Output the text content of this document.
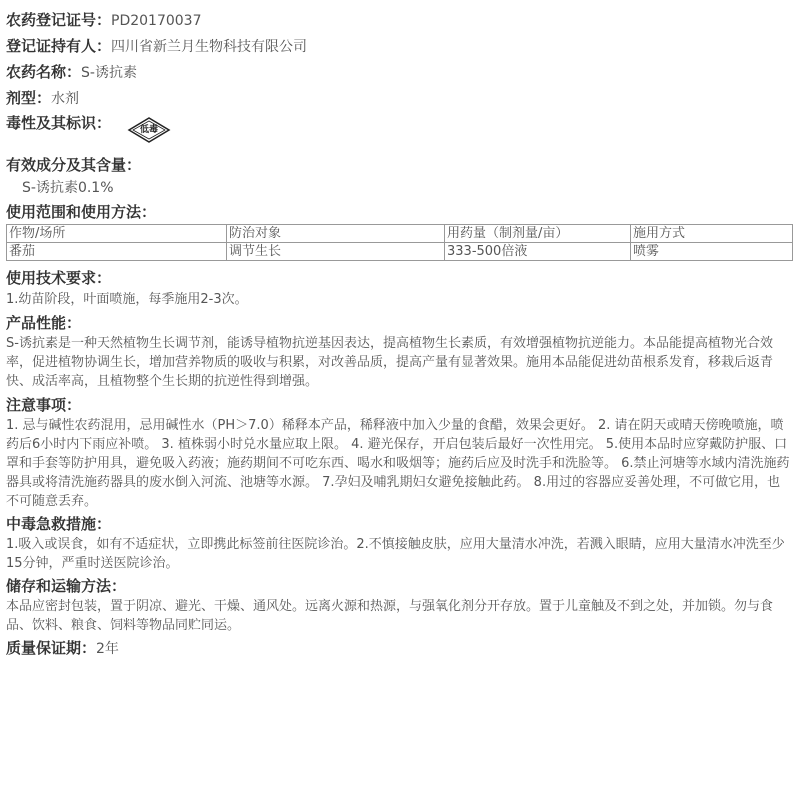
农药登记证号：PD20170037
登记证持有人：四川省新兰月生物科技有限公司
农药名称：S-诱抗素
剂型：水剂
毒性及其标识：	低毒
有效成分及其含量：
S-诱抗素0.1%
使用范围和使用方法：
作物/场所	防治对象	用药量（制剂量/亩）	施用方式
番茄	调节生长	333-500倍液	喷雾
使用技术要求：
1.幼苗阶段，叶面喷施，每季施用2-3次。
产品性能：
S-诱抗素是一种天然植物生长调节剂，能诱导植物抗逆基因表达，提高植物生长素质，有效增强植物抗逆能力。本品能提高植物光合效率，促进植物协调生长，增加营养物质的吸收与积累，对改善品质，提高产量有显著效果。施用本品能促进幼苗根系发育，移栽后返青快、成活率高，且植物整个生长期的抗逆性得到增强。
注意事项：
1. 忌与碱性农药混用，忌用碱性水（PH＞7.0）稀释本产品，稀释液中加入少量的食醋，效果会更好。 2. 请在阴天或晴天傍晚喷施，喷药后6小时内下雨应补喷。 3. 植株弱小时兑水量应取上限。 4. 避光保存，开启包装后最好一次性用完。 5.使用本品时应穿戴防护服、口罩和手套等防护用具，避免吸入药液；施药期间不可吃东西、喝水和吸烟等；施药后应及时洗手和洗脸等。 6.禁止河塘等水域内清洗施药器具或将清洗施药器具的废水倒入河流、池塘等水源。 7.孕妇及哺乳期妇女避免接触此药。 8.用过的容器应妥善处理，不可做它用，也不可随意丢弃。
中毒急救措施：
1.吸入或误食，如有不适症状，立即携此标签前往医院诊治。2.不慎接触皮肤，应用大量清水冲洗，若溅入眼睛，应用大量清水冲洗至少15分钟，严重时送医院诊治。
储存和运输方法：
本品应密封包装，置于阴凉、避光、干燥、通风处。远离火源和热源，与强氧化剂分开存放。置于儿童触及不到之处，并加锁。勿与食品、饮料、粮食、饲料等物品同贮同运。
质量保证期：2年
